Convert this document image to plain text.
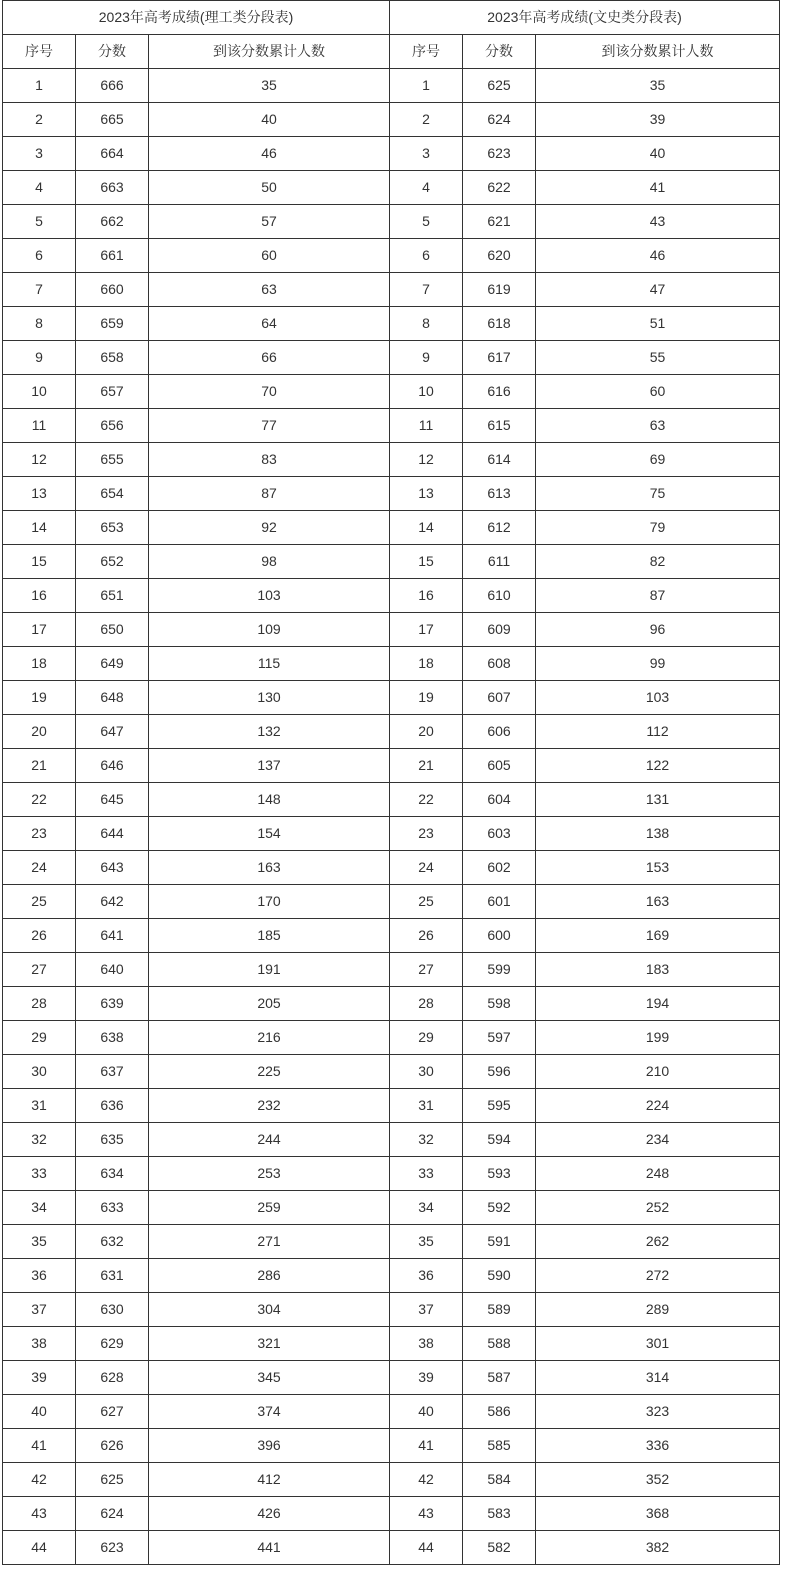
2023年高考成绩(理工类分段表)			2023年高考成绩(文史类分段表)		
序号	分数	到该分数累计人数	序号	分数	到该分数累计人数
1	666	35	1	625	35
2	665	40	2	624	39
3	664	46	3	623	40
4	663	50	4	622	41
5	662	57	5	621	43
6	661	60	6	620	46
7	660	63	7	619	47
8	659	64	8	618	51
9	658	66	9	617	55
10	657	70	10	616	60
11	656	77	11	615	63
12	655	83	12	614	69
13	654	87	13	613	75
14	653	92	14	612	79
15	652	98	15	611	82
16	651	103	16	610	87
17	650	109	17	609	96
18	649	115	18	608	99
19	648	130	19	607	103
20	647	132	20	606	112
21	646	137	21	605	122
22	645	148	22	604	131
23	644	154	23	603	138
24	643	163	24	602	153
25	642	170	25	601	163
26	641	185	26	600	169
27	640	191	27	599	183
28	639	205	28	598	194
29	638	216	29	597	199
30	637	225	30	596	210
31	636	232	31	595	224
32	635	244	32	594	234
33	634	253	33	593	248
34	633	259	34	592	252
35	632	271	35	591	262
36	631	286	36	590	272
37	630	304	37	589	289
38	629	321	38	588	301
39	628	345	39	587	314
40	627	374	40	586	323
41	626	396	41	585	336
42	625	412	42	584	352
43	624	426	43	583	368
44	623	441	44	582	382
